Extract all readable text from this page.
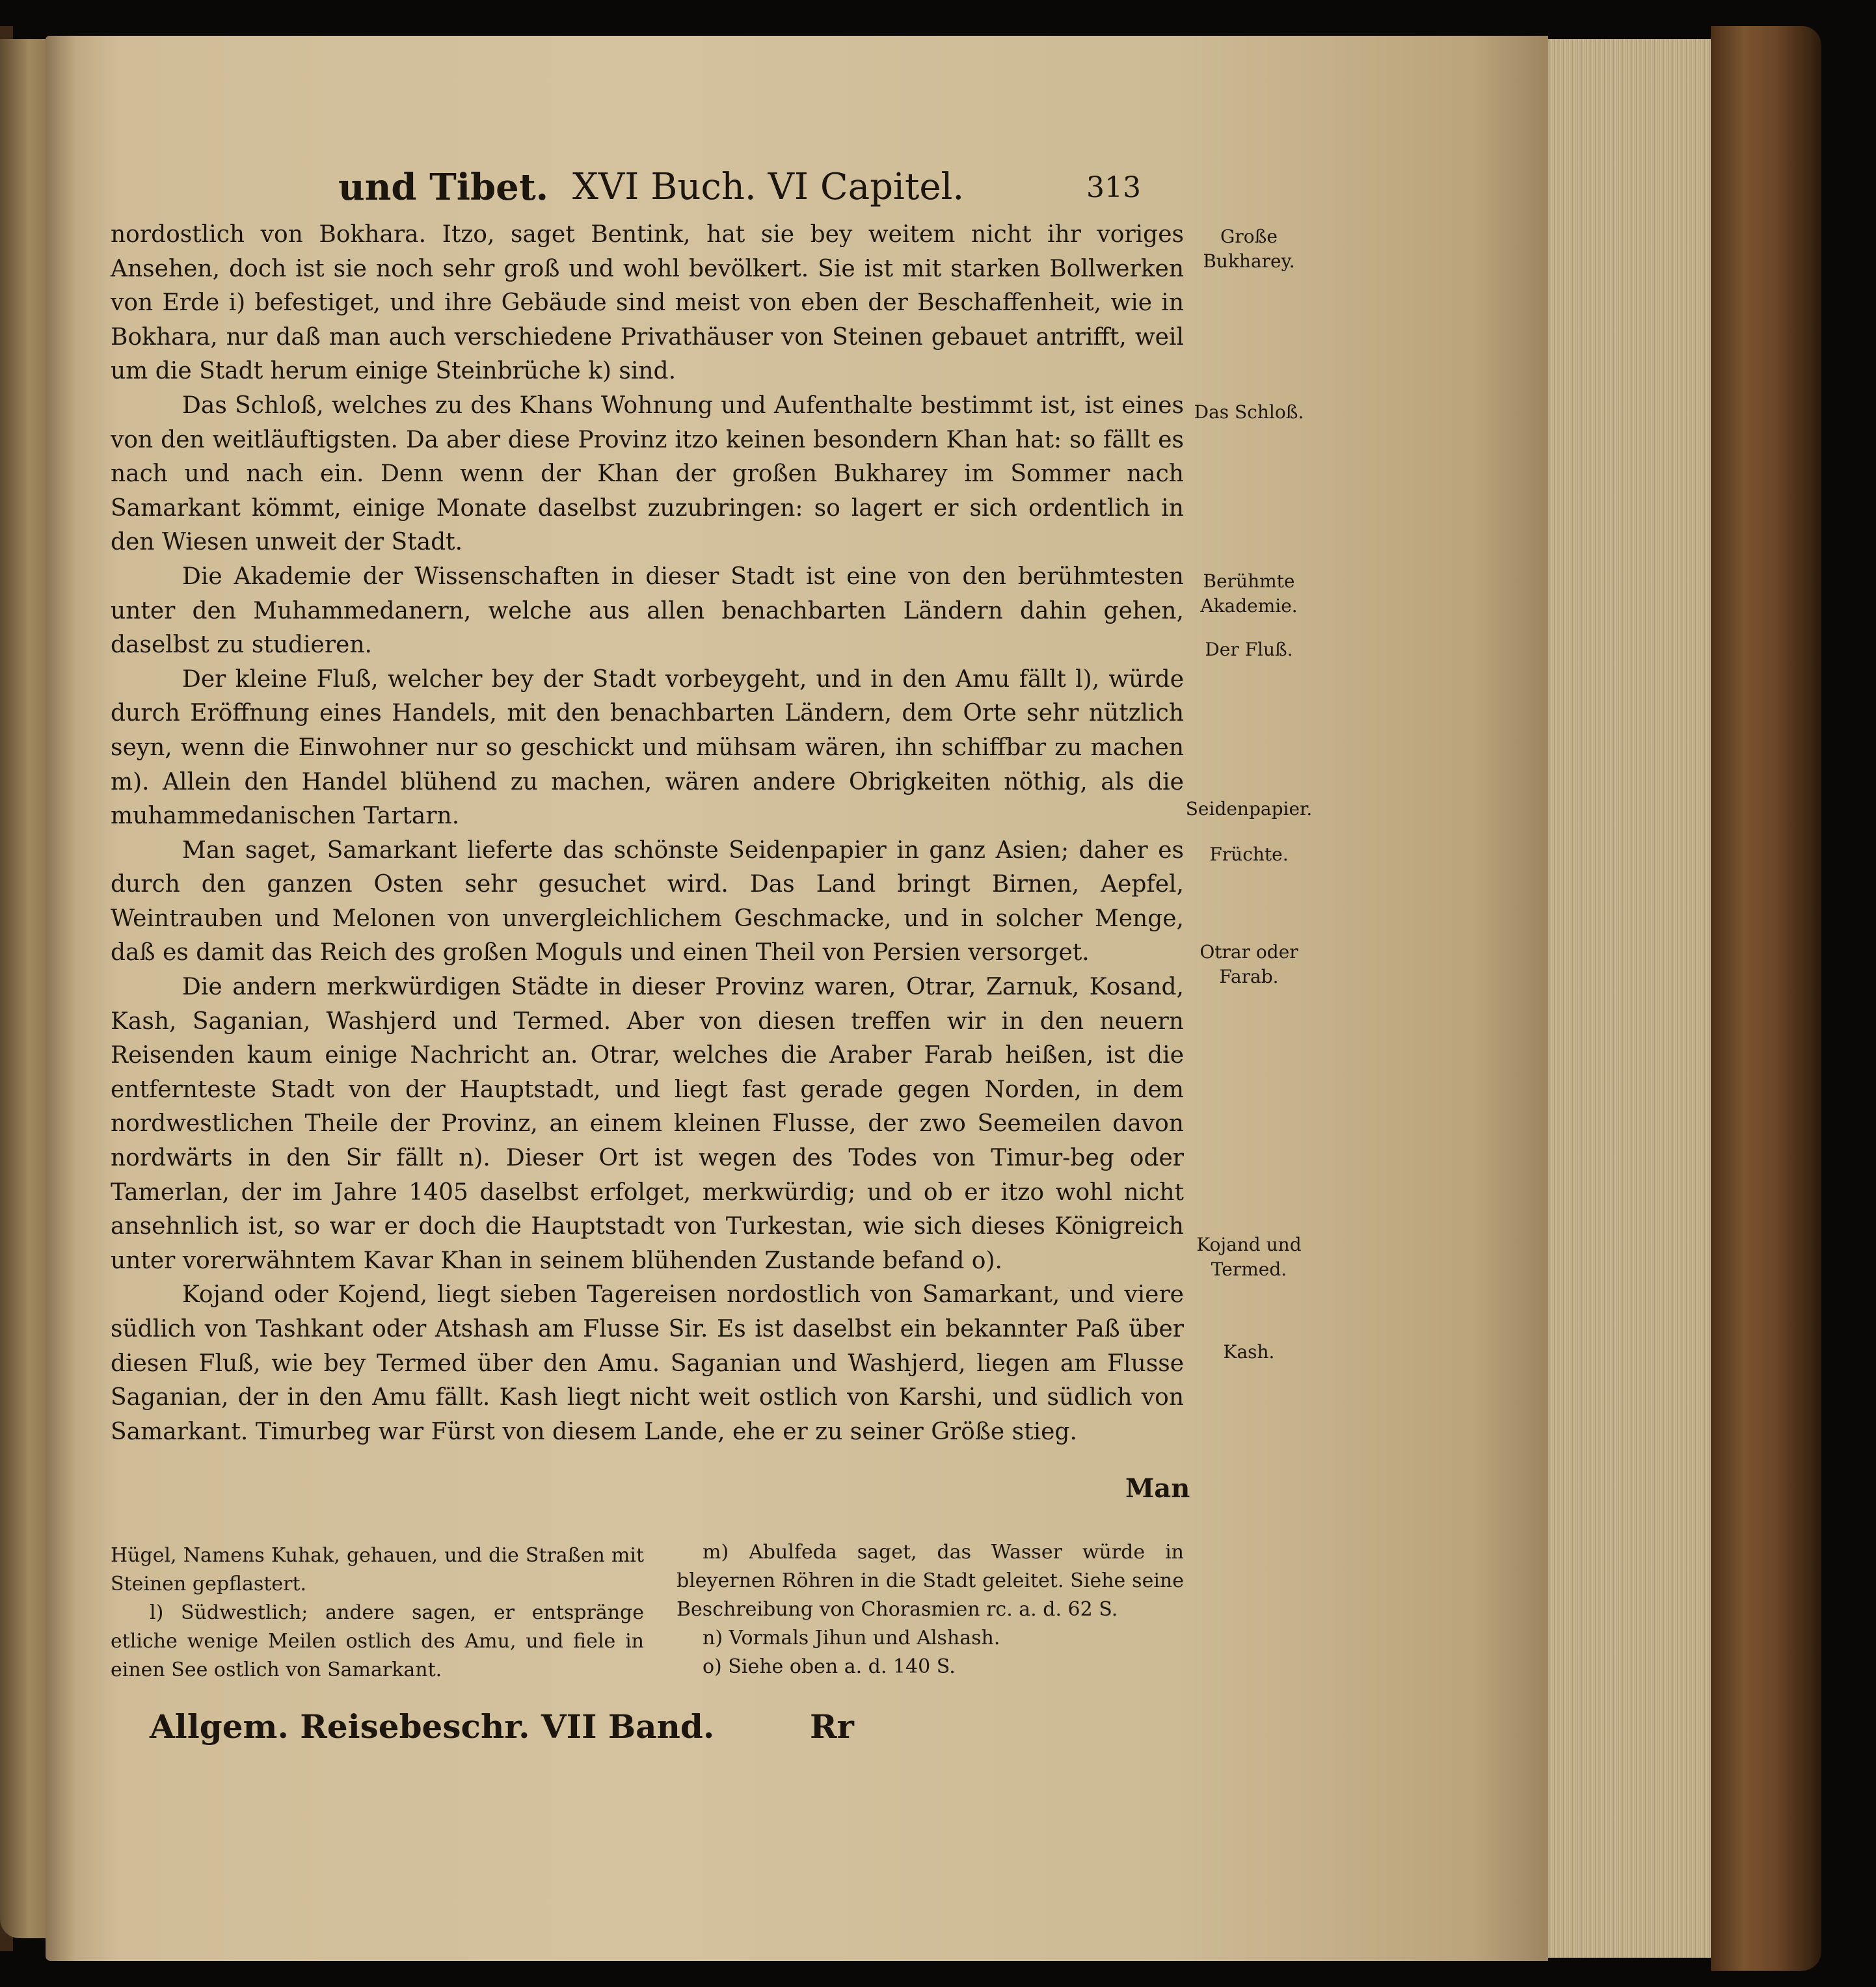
und Tibet. XVI Buch. VI Capitel.	313

nordostlich von Bokhara. Itzo, saget Bentink, hat sie bey weitem nicht ihr voriges Ansehen, doch ist sie noch sehr groß und wohl bevölkert. Sie ist mit starken Bollwerken von Erde i) befestiget, und ihre Gebäude sind meist von eben der Beschaffenheit, wie in Bokhara, nur daß man auch verschiedene Privathäuser von Steinen gebauet antrifft, weil um die Stadt herum einige Steinbrüche k) sind.

Das Schloß, welches zu des Khans Wohnung und Aufenthalte bestimmt ist, ist eines von den weitläuftigsten. Da aber diese Provinz itzo keinen besondern Khan hat: so fällt es nach und nach ein. Denn wenn der Khan der großen Bukharey im Sommer nach Samarkant kömmt, einige Monate daselbst zuzubringen: so lagert er sich ordentlich in den Wiesen unweit der Stadt.

Die Akademie der Wissenschaften in dieser Stadt ist eine von den berühmtesten unter den Muhammedanern, welche aus allen benachbarten Ländern dahin gehen, daselbst zu studieren.

Der kleine Fluß, welcher bey der Stadt vorbeygeht, und in den Amu fällt l), würde durch Eröffnung eines Handels, mit den benachbarten Ländern, dem Orte sehr nützlich seyn, wenn die Einwohner nur so geschickt und mühsam wären, ihn schiffbar zu machen m). Allein den Handel blühend zu machen, wären andere Obrigkeiten nöthig, als die muhammedanischen Tartarn.

Man saget, Samarkant lieferte das schönste Seidenpapier in ganz Asien; daher es durch den ganzen Osten sehr gesuchet wird. Das Land bringt Birnen, Aepfel, Weintrauben und Melonen von unvergleichlichem Geschmacke, und in solcher Menge, daß es damit das Reich des großen Moguls und einen Theil von Persien versorget.

Die andern merkwürdigen Städte in dieser Provinz waren, Otrar, Zarnuk, Kosand, Kash, Saganian, Washjerd und Termed. Aber von diesen treffen wir in den neuern Reisenden kaum einige Nachricht an. Otrar, welches die Araber Farab heißen, ist die entfernteste Stadt von der Hauptstadt, und liegt fast gerade gegen Norden, in dem nordwestlichen Theile der Provinz, an einem kleinen Flusse, der zwo Seemeilen davon nordwärts in den Sir fällt n). Dieser Ort ist wegen des Todes von Timur-beg oder Tamerlan, der im Jahre 1405 daselbst erfolget, merkwürdig; und ob er itzo wohl nicht ansehnlich ist, so war er doch die Hauptstadt von Turkestan, wie sich dieses Königreich unter vorerwähntem Kavar Khan in seinem blühenden Zustande befand o).

Kojand oder Kojend, liegt sieben Tagereisen nordostlich von Samarkant, und viere südlich von Tashkant oder Atshash am Flusse Sir. Es ist daselbst ein bekannter Paß über diesen Fluß, wie bey Termed über den Amu. Saganian und Washjerd, liegen am Flusse Saganian, der in den Amu fällt. Kash liegt nicht weit ostlich von Karshi, und südlich von Samarkant. Timurbeg war Fürst von diesem Lande, ehe er zu seiner Größe stieg.

Man
Große Bukharey.
Das Schloß.
Berühmte Akademie.
Der Fluß.
Seidenpapier.
Früchte.
Otrar oder Farab.
Kojand und Termed.
Kash.

Hügel, Namens Kuhak, gehauen, und die Straßen mit Steinen gepflastert.

l) Südwestlich; andere sagen, er entspränge etliche wenige Meilen ostlich des Amu, und fiele in einen See ostlich von Samarkant.

m) Abulfeda saget, das Wasser würde in bleyernen Röhren in die Stadt geleitet. Siehe seine Beschreibung von Chorasmien rc. a. d. 62 S.

n) Vormals Jihun und Alshash.

o) Siehe oben a. d. 140 S.

Allgem. Reisebeschr. VII Band.	Rr
